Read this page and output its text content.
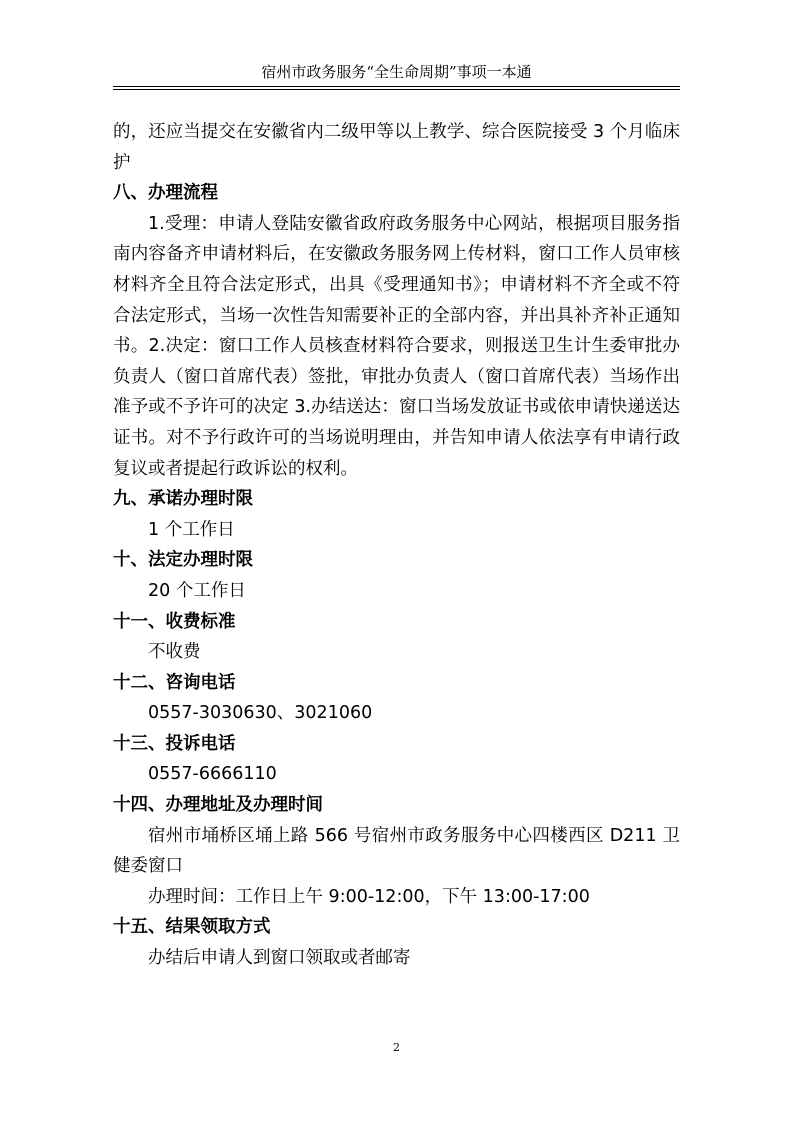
宿州市政务服务“全生命周期”事项一本通

的，还应当提交在安徽省内二级甲等以上教学、综合医院接受 3 个月临床护

八、办理流程

1.受理：申请人登陆安徽省政府政务服务中心网站，根据项目服务指南内容备齐申请材料后，在安徽政务服务网上传材料，窗口工作人员审核材料齐全且符合法定形式，出具《受理通知书》；申请材料不齐全或不符合法定形式，当场一次性告知需要补正的全部内容，并出具补齐补正通知书。2.决定：窗口工作人员核查材料符合要求，则报送卫生计生委审批办负责人（窗口首席代表）签批，审批办负责人（窗口首席代表）当场作出准予或不予许可的决定 3.办结送达：窗口当场发放证书或依申请快递送达证书。对不予行政许可的当场说明理由，并告知申请人依法享有申请行政复议或者提起行政诉讼的权利。

九、承诺办理时限

1 个工作日

十、法定办理时限

20 个工作日

十一、收费标准

不收费

十二、咨询电话

0557-3030630、3021060

十三、投诉电话

0557-6666110

十四、办理地址及办理时间

宿州市埇桥区埇上路 566 号宿州市政务服务中心四楼西区 D211 卫健委窗口

办理时间：工作日上午 9:00-12:00，下午 13:00-17:00

十五、结果领取方式

办结后申请人到窗口领取或者邮寄

2
